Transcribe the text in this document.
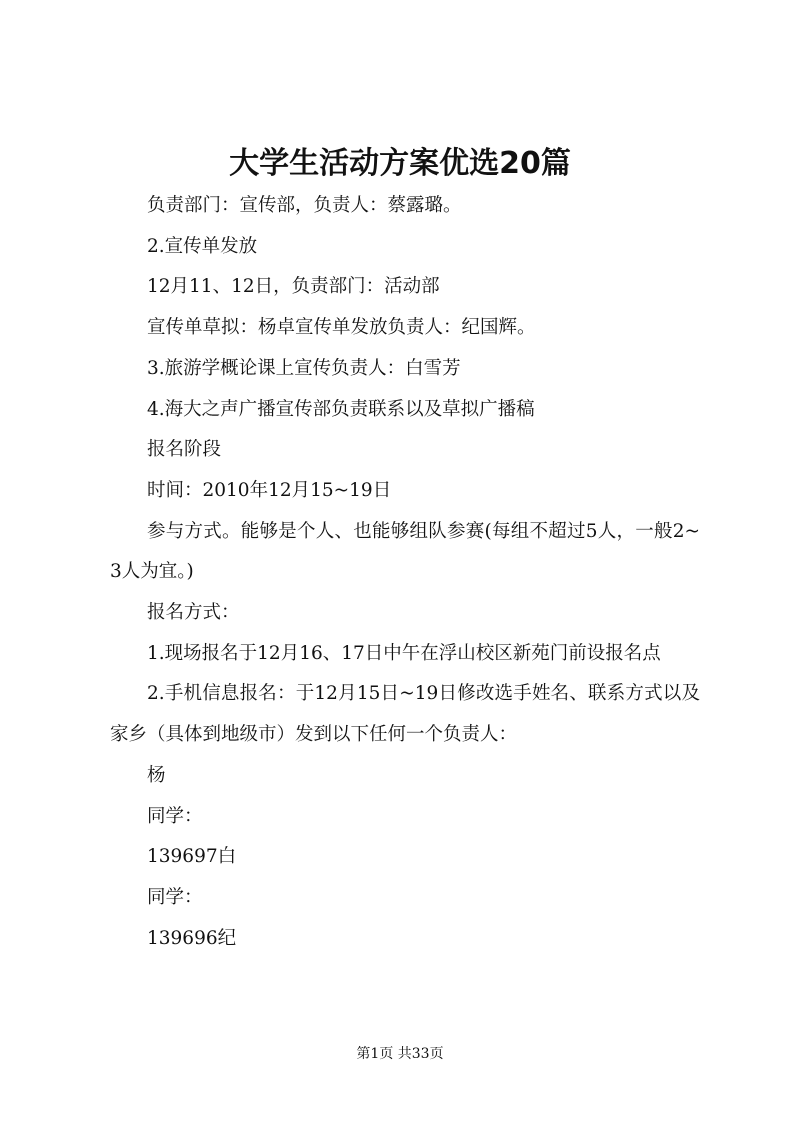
大学生活动方案优选20篇

负责部门：宣传部，负责人：蔡露璐。

2.宣传单发放

12月11、12日，负责部门：活动部

宣传单草拟：杨卓宣传单发放负责人：纪国辉。

3.旅游学概论课上宣传负责人：白雪芳

4.海大之声广播宣传部负责联系以及草拟广播稿

报名阶段

时间：2010年12月15~19日

参与方式。能够是个人、也能够组队参赛(每组不超过5人，一般2~3人为宜。)

报名方式：

1.现场报名于12月16、17日中午在浮山校区新苑门前设报名点

2.手机信息报名：于12月15日~19日修改选手姓名、联系方式以及家乡（具体到地级市）发到以下任何一个负责人：

杨

同学：

139697白

同学：

139696纪

第1页 共33页
